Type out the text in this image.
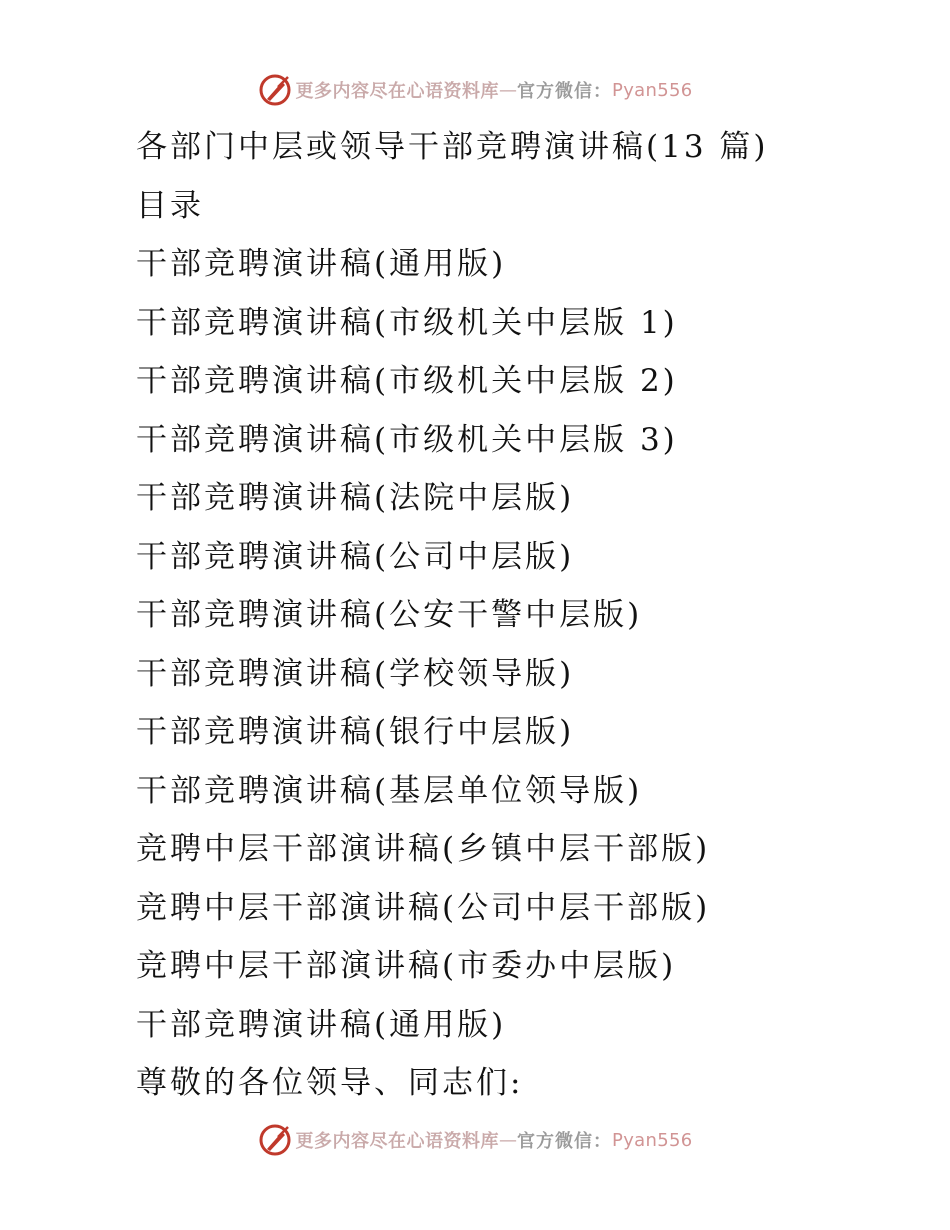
更多内容尽在心语资料库 — 官方微信： Pyan556
各部门中层或领导干部竞聘演讲稿(13 篇)
目录
干部竞聘演讲稿(通用版)
干部竞聘演讲稿(市级机关中层版 1)
干部竞聘演讲稿(市级机关中层版 2)
干部竞聘演讲稿(市级机关中层版 3)
干部竞聘演讲稿(法院中层版)
干部竞聘演讲稿(公司中层版)
干部竞聘演讲稿(公安干警中层版)
干部竞聘演讲稿(学校领导版)
干部竞聘演讲稿(银行中层版)
干部竞聘演讲稿(基层单位领导版)
竞聘中层干部演讲稿(乡镇中层干部版)
竞聘中层干部演讲稿(公司中层干部版)
竞聘中层干部演讲稿(市委办中层版)
干部竞聘演讲稿(通用版)
尊敬的各位领导、同志们:
更多内容尽在心语资料库 — 官方微信： Pyan556
